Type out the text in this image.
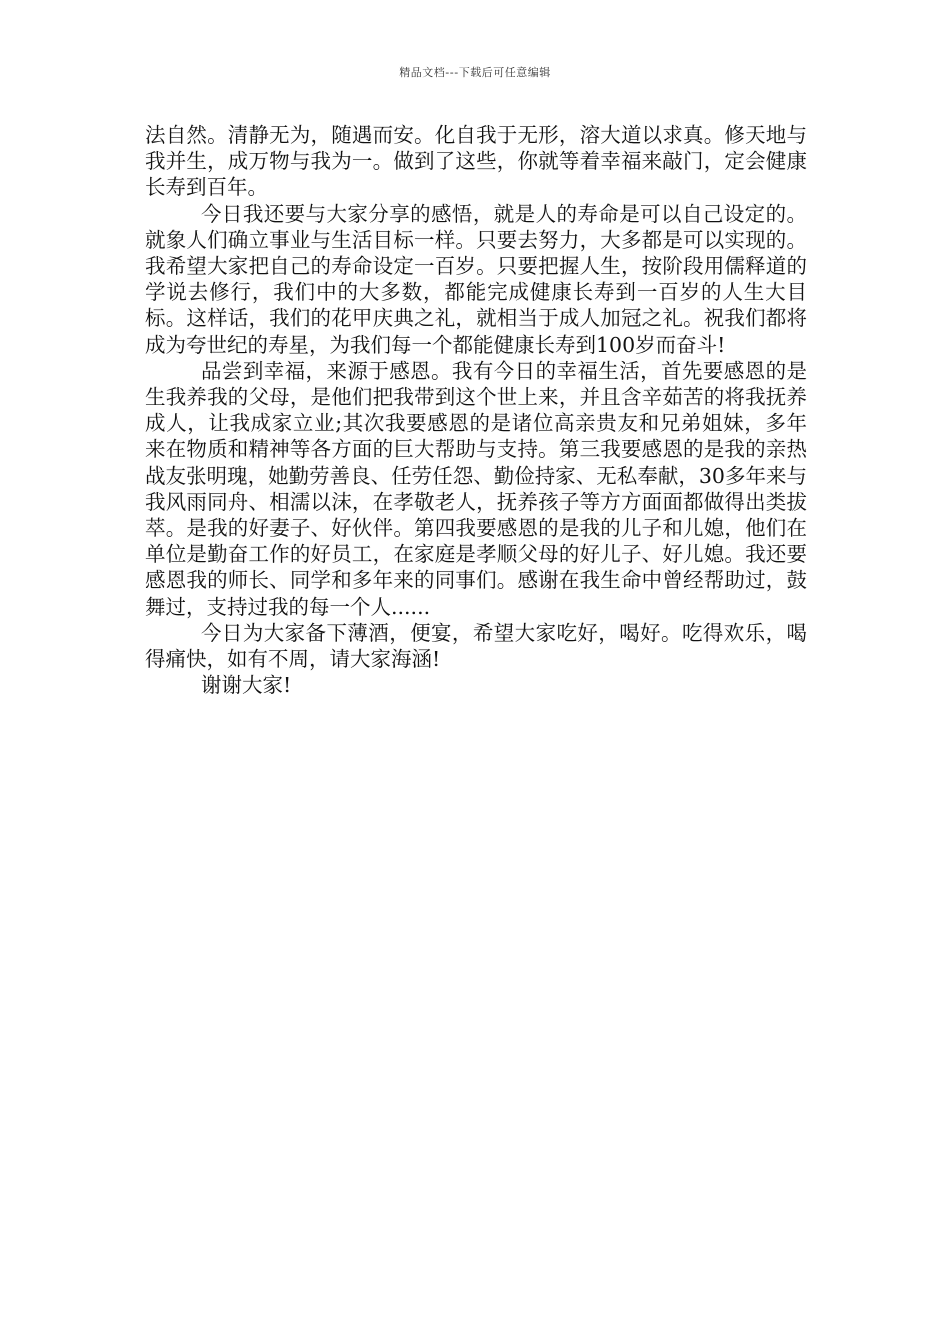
精品文档---下载后可任意编辑

法自然。清静无为，随遇而安。化自我于无形，溶大道以求真。修天地与我并生，成万物与我为一。做到了这些，你就等着幸福来敲门，定会健康长寿到百年。

今日我还要与大家分享的感悟，就是人的寿命是可以自己设定的。就象人们确立事业与生活目标一样。只要去努力，大多都是可以实现的。我希望大家把自己的寿命设定一百岁。只要把握人生，按阶段用儒释道的学说去修行，我们中的大多数，都能完成健康长寿到一百岁的人生大目标。这样话，我们的花甲庆典之礼，就相当于成人加冠之礼。祝我们都将成为夸世纪的寿星，为我们每一个都能健康长寿到100岁而奋斗!

品尝到幸福，来源于感恩。我有今日的幸福生活，首先要感恩的是生我养我的父母，是他们把我带到这个世上来，并且含辛茹苦的将我抚养成人，让我成家立业;其次我要感恩的是诸位高亲贵友和兄弟姐妹，多年来在物质和精神等各方面的巨大帮助与支持。第三我要感恩的是我的亲热战友张明瑰，她勤劳善良、任劳任怨、勤俭持家、无私奉献，30多年来与我风雨同舟、相濡以沫，在孝敬老人，抚养孩子等方方面面都做得出类拔萃。是我的好妻子、好伙伴。第四我要感恩的是我的儿子和儿媳，他们在单位是勤奋工作的好员工，在家庭是孝顺父母的好儿子、好儿媳。我还要感恩我的师长、同学和多年来的同事们。感谢在我生命中曾经帮助过，鼓舞过，支持过我的每一个人......

今日为大家备下薄酒，便宴，希望大家吃好，喝好。吃得欢乐，喝得痛快，如有不周，请大家海涵!

谢谢大家!
